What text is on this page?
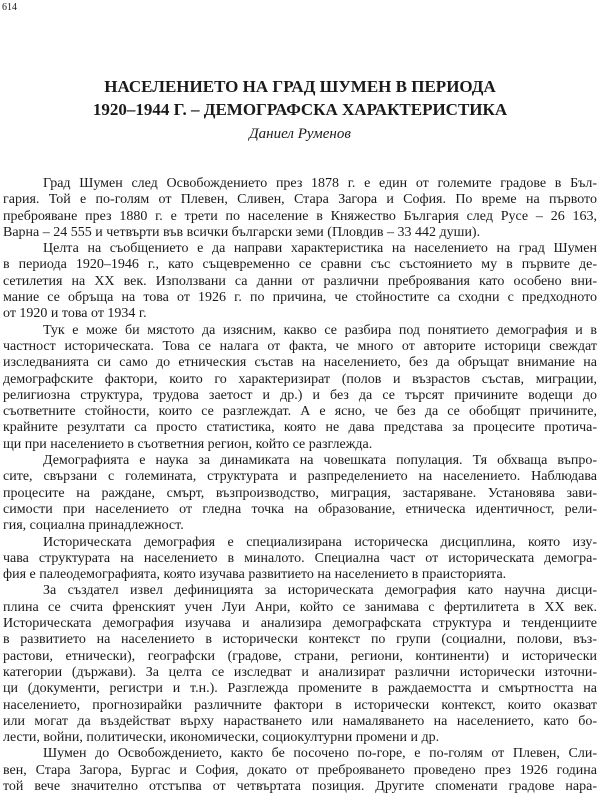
614
НАСЕЛЕНИЕТО НА ГРАД ШУМЕН В ПЕРИОДА
1920–1944 Г. – ДЕМОГРАФСКА ХАРАКТЕРИСТИКА
Даниел Руменов
Град Шумен след Освобождението през 1878 г. е един от големите градове в Бъл-
гария. Той е по-голям от Плевен, Сливен, Стара Загора и София. По време на първото
преброяване през 1880 г. е трети по население в Княжество България след Русе – 26 163,
Варна – 24 555 и четвърти във всички български земи (Пловдив – 33 442 души).
Целта на съобщението е да направи характеристика на населението на град Шумен
в периода 1920–1946 г., като същевременно се сравни със състоянието му в първите де-
сетилетия на XX век. Използвани са данни от различни преброявания като особено вни-
мание се обръща на това от 1926 г. по причина, че стойностите са сходни с предходното
от 1920 и това от 1934 г.
Тук е може би мястото да изясним, какво се разбира под понятието демография и в
частност историческата. Това се налага от факта, че много от авторите историци свеждат
изследванията си само до етническия състав на населението, без да обръщат внимание на
демографските фактори, които го характеризират (полов и възрастов състав, миграции,
религиозна структура, трудова заетост и др.) и без да се търсят причините водещи до
съответните стойности, които се разглеждат. А е ясно, че без да се обобщят причините,
крайните резултати са просто статистика, която не дава представа за процесите протича-
щи при населението в съответния регион, който се разглежда.
Демографията е наука за динамиката на човешката популация. Тя обхваща въпро-
сите, свързани с големината, структурата и разпределението на населението. Наблюдава
процесите на раждане, смърт, възпроизводство, миграция, застаряване. Установява зави-
симости при населението от гледна точка на образование, етническа идентичност, рели-
гия, социална принадлежност.
Историческата демография е специализирана историческа дисциплина, която изу-
чава структурата на населението в миналото. Специална част от историческата демогра-
фия е палеодемографията, която изучава развитието на населението в праисторията.
За създател извел дефиницията за историческата демография като научна дисци-
плина се счита френският учен Луи Анри, който се занимава с фертилитета в XX век.
Историческата демография изучава и анализира демографската структура и тенденциите
в развитието на населението в исторически контекст по групи (социални, полови, въз-
растови, етнически), географски (градове, страни, региони, континенти) и исторически
категории (държави). За целта се изследват и анализират различни исторически източни-
ци (документи, регистри и т.н.). Разглежда промените в раждаемостта и смъртността на
населението, прогнозирайки различните фактори в исторически контекст, които оказват
или могат да въздействат върху нарастването или намаляването на населението, като бо-
лести, войни, политически, икономически, социокултурни промени и др.
Шумен до Освобождението, както бе посочено по-горе, е по-голям от Плевен, Сли-
вен, Стара Загора, Бургас и София, докато от преброяването проведено през 1926 година
той вече значително отстъпва от четвъртата позиция. Другите споменати градове нара-
